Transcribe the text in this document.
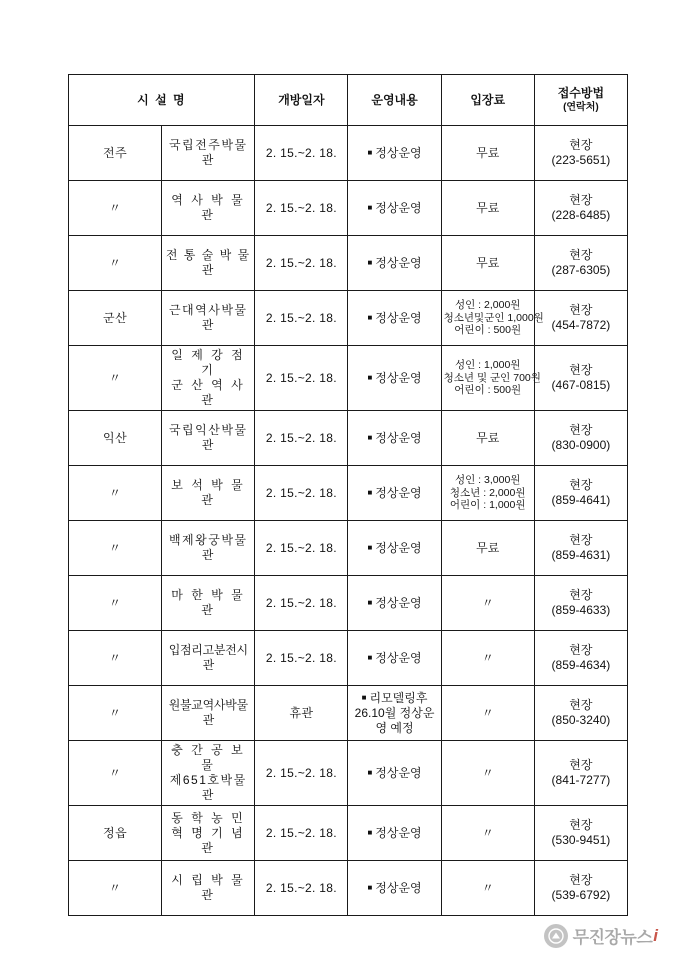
시 설 명		개방일자	운영내용	입장료	접수방법
(연락처)

전주	국립전주박물관	2. 15.~2. 18.	■ 정상운영	무료	현장
(223-5651)

〃	역 사 박 물 관	2. 15.~2. 18.	■ 정상운영	무료	현장
(228-6485)

〃	전 통 술 박 물 관	2. 15.~2. 18.	■ 정상운영	무료	현장
(287-6305)

군산	근대역사박물관	2. 15.~2. 18.	■ 정상운영	성인 : 2,000원
청소년및군인 1,000원
어린이 : 500원	현장
(454-7872)

〃	일 제 강 점 기
군 산 역 사 관	2. 15.~2. 18.	■ 정상운영	성인 : 1,000원
청소년 및 군인 700원
어린이 : 500원	현장
(467-0815)

익산	국립익산박물관	2. 15.~2. 18.	■ 정상운영	무료	현장
(830-0900)

〃	보 석 박 물 관	2. 15.~2. 18.	■ 정상운영	성인 : 3,000원
청소년 : 2,000원
어린이 : 1,000원	현장
(859-4641)

〃	백제왕궁박물관	2. 15.~2. 18.	■ 정상운영	무료	현장
(859-4631)

〃	마 한 박 물 관	2. 15.~2. 18.	■ 정상운영	〃	현장
(859-4633)

〃	입점리고분전시관	2. 15.~2. 18.	■ 정상운영	〃	현장
(859-4634)

〃	원불교역사박물관	휴관	■ 리모델링후 26.10월 정상운영 예정	〃	현장
(850-3240)

〃	충 간 공 보 물
제651호박물관	2. 15.~2. 18.	■ 정상운영	〃	현장
(841-7277)

정읍	동 학 농 민
혁 명 기 념 관	2. 15.~2. 18.	■ 정상운영	〃	현장
(530-9451)

〃	시 립 박 물 관	2. 15.~2. 18.	■ 정상운영	〃	현장
(539-6792)
무진장뉴스 i
